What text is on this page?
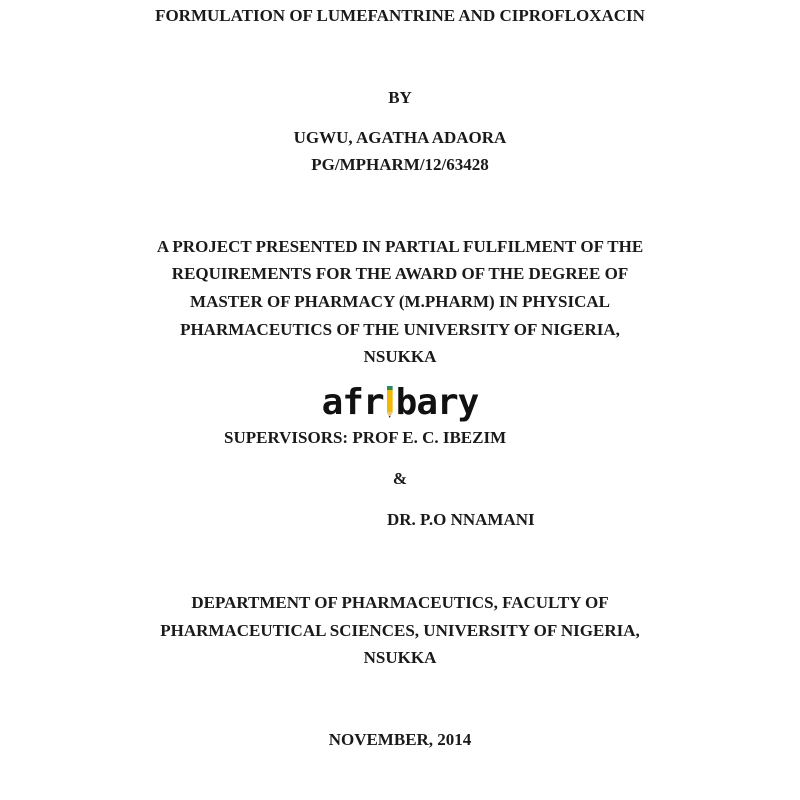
FORMULATION OF LUMEFANTRINE AND CIPROFLOXACIN
BY
UGWU, AGATHA ADAORA
PG/MPHARM/12/63428
A PROJECT PRESENTED IN PARTIAL FULFILMENT OF THE
REQUIREMENTS FOR THE AWARD OF THE DEGREE OF
MASTER OF PHARMACY (M.PHARM) IN PHYSICAL
PHARMACEUTICS OF THE UNIVERSITY OF NIGERIA,
NSUKKA
afr bary
SUPERVISORS: PROF E. C. IBEZIM
&
DR. P.O NNAMANI
DEPARTMENT OF PHARMACEUTICS, FACULTY OF
PHARMACEUTICAL SCIENCES, UNIVERSITY OF NIGERIA,
NSUKKA
NOVEMBER, 2014
